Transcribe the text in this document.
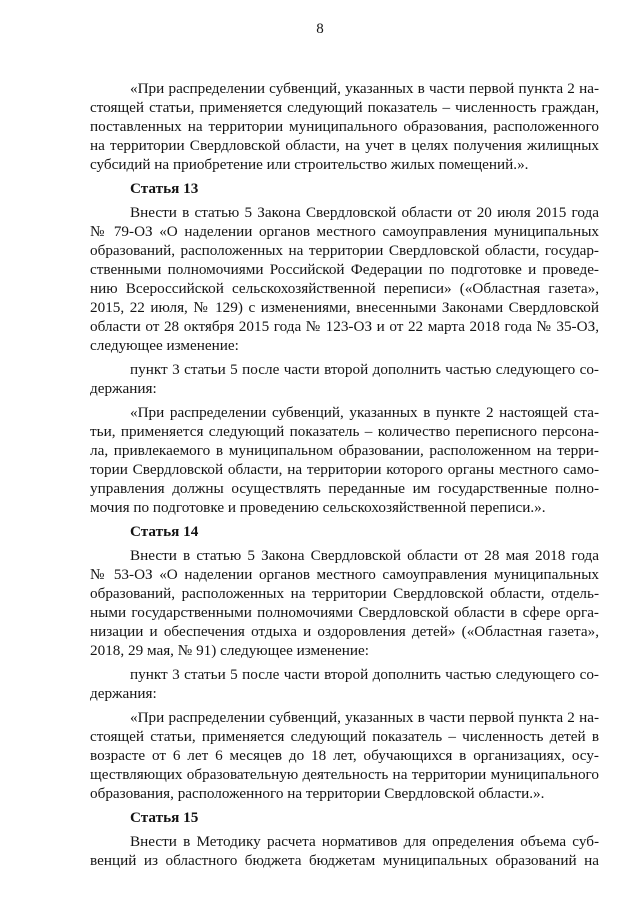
8
«При распределении субвенций, указанных в части первой пункта 2 на-
стоящей статьи, применяется следующий показатель – численность граждан,
поставленных на территории муниципального образования, расположенного
на территории Свердловской области, на учет в целях получения жилищных
субсидий на приобретение или строительство жилых помещений.».
Статья 13
Внести в статью 5 Закона Свердловской области от 20 июля 2015 года
№ 79-ОЗ «О наделении органов местного самоуправления муниципальных
образований, расположенных на территории Свердловской области, государ-
ственными полномочиями Российской Федерации по подготовке и проведе-
нию Всероссийской сельскохозяйственной переписи» («Областная газета»,
2015, 22 июля, № 129) с изменениями, внесенными Законами Свердловской
области от 28 октября 2015 года № 123-ОЗ и от 22 марта 2018 года № 35-ОЗ,
следующее изменение:
пункт 3 статьи 5 после части второй дополнить частью следующего со-
держания:
«При распределении субвенций, указанных в пункте 2 настоящей ста-
тьи, применяется следующий показатель – количество переписного персона-
ла, привлекаемого в муниципальном образовании, расположенном на терри-
тории Свердловской области, на территории которого органы местного само-
управления должны осуществлять переданные им государственные полно-
мочия по подготовке и проведению сельскохозяйственной переписи.».
Статья 14
Внести в статью 5 Закона Свердловской области от 28 мая 2018 года
№ 53-ОЗ «О наделении органов местного самоуправления муниципальных
образований, расположенных на территории Свердловской области, отдель-
ными государственными полномочиями Свердловской области в сфере орга-
низации и обеспечения отдыха и оздоровления детей» («Областная газета»,
2018, 29 мая, № 91) следующее изменение:
пункт 3 статьи 5 после части второй дополнить частью следующего со-
держания:
«При распределении субвенций, указанных в части первой пункта 2 на-
стоящей статьи, применяется следующий показатель – численность детей в
возрасте от 6 лет 6 месяцев до 18 лет, обучающихся в организациях, осу-
ществляющих образовательную деятельность на территории муниципального
образования, расположенного на территории Свердловской области.».
Статья 15
Внести в Методику расчета нормативов для определения объема суб-
венций из областного бюджета бюджетам муниципальных образований на
